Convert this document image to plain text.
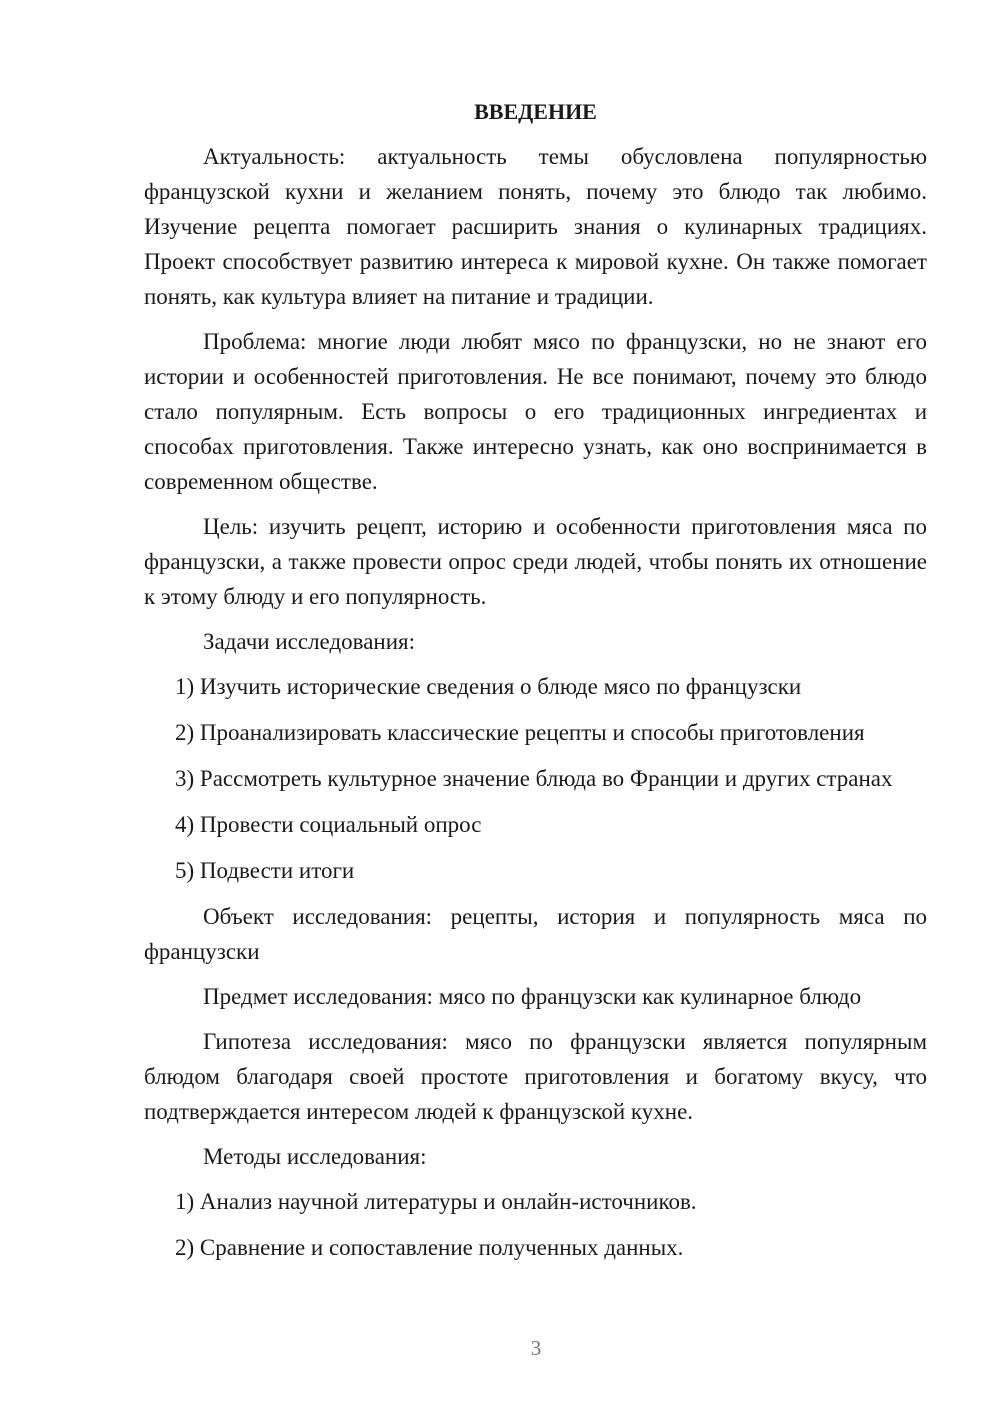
ВВЕДЕНИЕ

Актуальность: актуальность темы обусловлена популярностью французской кухни и желанием понять, почему это блюдо так любимо. Изучение рецепта помогает расширить знания о кулинарных традициях. Проект способствует развитию интереса к мировой кухне. Он также помогает понять, как культура влияет на питание и традиции.

Проблема: многие люди любят мясо по французски, но не знают его истории и особенностей приготовления. Не все понимают, почему это блюдо стало популярным. Есть вопросы о его традиционных ингредиентах и способах приготовления. Также интересно узнать, как оно воспринимается в современном обществе.

Цель: изучить рецепт, историю и особенности приготовления мяса по французски, а также провести опрос среди людей, чтобы понять их отношение к этому блюду и его популярность.

Задачи исследования:

1) Изучить исторические сведения о блюде мясо по французски

2) Проанализировать классические рецепты и способы приготовления

3) Рассмотреть культурное значение блюда во Франции и других странах

4) Провести социальный опрос

5) Подвести итоги

Объект исследования: рецепты, история и популярность мяса по французски

Предмет исследования: мясо по французски как кулинарное блюдо

Гипотеза исследования: мясо по французски является популярным блюдом благодаря своей простоте приготовления и богатому вкусу, что подтверждается интересом людей к французской кухне.

Методы исследования:

1) Анализ научной литературы и онлайн-источников.

2) Сравнение и сопоставление полученных данных.

3
